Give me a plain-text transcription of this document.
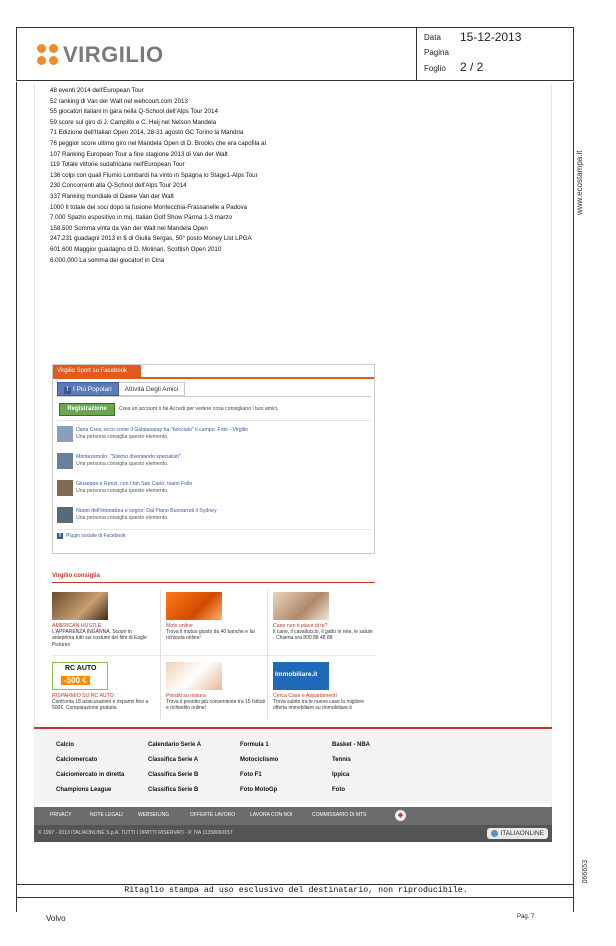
VIRGILIO
Data 15-12-2013
Pagina
Foglio 2 / 2
www.ecostampa.it
066653
48 eventi 2014 dell'European Tour
52 ranking di Van der Walt nel webcourt.com 2013
55 giocatori italiani in gara nella Q-School dell'Alps Tour 2014
59 score sul giro di J. Campillo e C. Heij nel Nelson Mandela
71 Edizione dell'Italian Open 2014, 28-31 agosto GC Torino la Mandria
76 peggior score ultimo giro nel Mandela Open di D. Brooks che era capofila al
107 Ranking European Tour a fine stagione 2013 di Van der Walt
119 Totale vittorie sudafricane nell'European Tour
136 colpi con quali Flumio Lombardi ha vinto in Spagna lo Stage1-Alps Tour
230 Concorrenti alla Q-School dell'Alps Tour 2014
337 Ranking mondiale di Dawie Van der Walt
1000 Il totale dei soci dopo la fusione Montecchia-Frassanelle a Padova
7.000 Spazio espositivo in mq. Italian Golf Show Parma 1-3 marzo
158.500 Somma vinta da Van der Walt nel Mandela Open
247.231 guadagni 2013 in $ di Giulia Sergas, 50° posto Money List LPGA
601.600 Maggior guadagno di D. Molinari, Scottish Open 2010
6.000.000 La somma dei giocatori in Cina
Virgilio Sport su Facebook
f I Più Popolari	Attività Degli Amici
Registrazione	Crea un account o fai Accedi per vedere cosa consigliano i tuoi amici.
Dana Crea, ecco come il Galatasaray ha "bocciato" il campo. Foto - Virgilio
Una persona consiglia questo elemento.
Montezemolo: "Stiamo diventando specialisti"
Una persona consiglia questo elemento.
Giuseppe e Renzi, con i fan San Carlo: Isami Folle
Una persona consiglia questo elemento.
Nuoto dell'intonatura e sogno: Dal Piano Buonarroti il Sydney
Una persona consiglia questo elemento.
f	Plugin sociale di Facebook
Virgilio consiglia
AMERICAN HUSTLE
L'APPARENZA INGANNA. Scopri in anteprima tutti sui costumi del film di Eagle Pictures
Moto online
Trova il mutuo giusto da 40 banche e fai richiesta online!
Cane non ti piace di te?
Il cane, il cavalluccio, il gatto in rete, le salute · Chiama ora 800 88 48 88
RC AUTO
-500 €
RISPARMIO SU RC AUTO
Confronta 18 assicurazioni e risparmi fino a 500€. Comparazione gratuita
Prestiti su misura
Trova il prestito più conveniente tra 15 Istituti e richiedilo online!
Immobiliare.it
Cerca Case e Appartamenti
Trova subito tra le nuove case la migliore offerta immobiliare su Immobiliare.it
Calcio
Calciomercato
Calciomercato in diretta
Champions League
Calendario Serie A
Classifica Serie A
Classifica Serie B
Classifica Serie B
Formula 1
Motociclismo
Foto F1
Foto MotoGp
Basket - NBA
Tennis
Ippica
Foto
PRIVACY	NOTE LEGALI	WEBSEILING	OFFERTE LAVORO	LAVORA CON NOI	COMMISSARIO DI MTS	◆
© 1997 - 2013 ITALIAONLINE S.p.A. TUTTI I DIRITTI RISERVATI - P. IVA 11358060157	ITALIAONLINE
Ritaglio stampa ad uso esclusivo del destinatario, non riproducibile.
Volvo	Pag. 7
